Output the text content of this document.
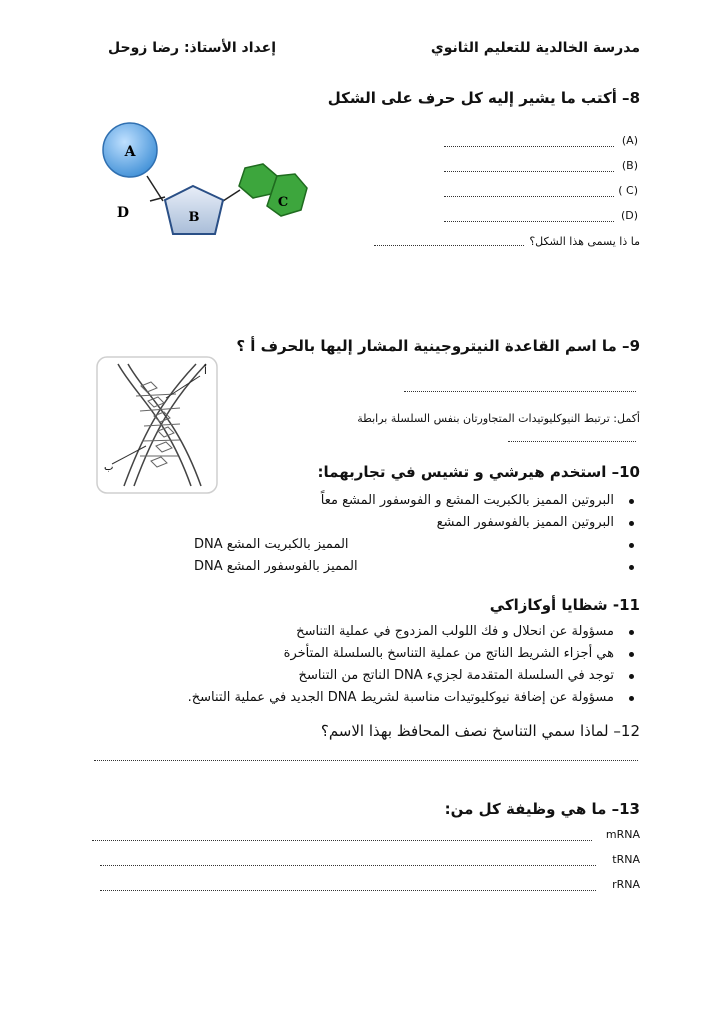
مدرسة الخالدية للتعليم الثانوي
إعداد الأستاذ: رضا زوحل
8– أكتب ما يشير إليه كل حرف على الشكل
A
B
C
D
(A)
(B)
( C)
(D)
ما ذا يسمى هذا الشكل؟
9– ما اسم القاعدة النيتروجينية المشار إليها بالحرف أ ؟
أ
ب
أكمل: ترتبط النيوكليوتيدات المتجاورتان بنفس السلسلة برابطة
10– استخدم هيرشي و تشيس في تجاربهما:
البروتين المميز بالكبريت المشع و الفوسفور المشع معاً
البروتين المميز بالفوسفور المشع
DNA المميز بالكبريت المشع
DNA المميز بالفوسفور المشع
11- شظايا أوكازاكي
مسؤولة عن انحلال و فك اللولب المزدوج في عملية التناسخ
هي أجزاء الشريط الناتج من عملية التناسخ بالسلسلة المتأخرة
توجد في السلسلة المتقدمة لجزيء DNA الناتج من التناسخ
مسؤولة عن إضافة نيوكليوتيدات مناسبة لشريط DNA الجديد في عملية التناسخ.
12– لماذا سمي التناسخ نصف المحافظ بهذا الاسم؟
13– ما هي وظيفة كل من:
mRNA
tRNA
rRNA
